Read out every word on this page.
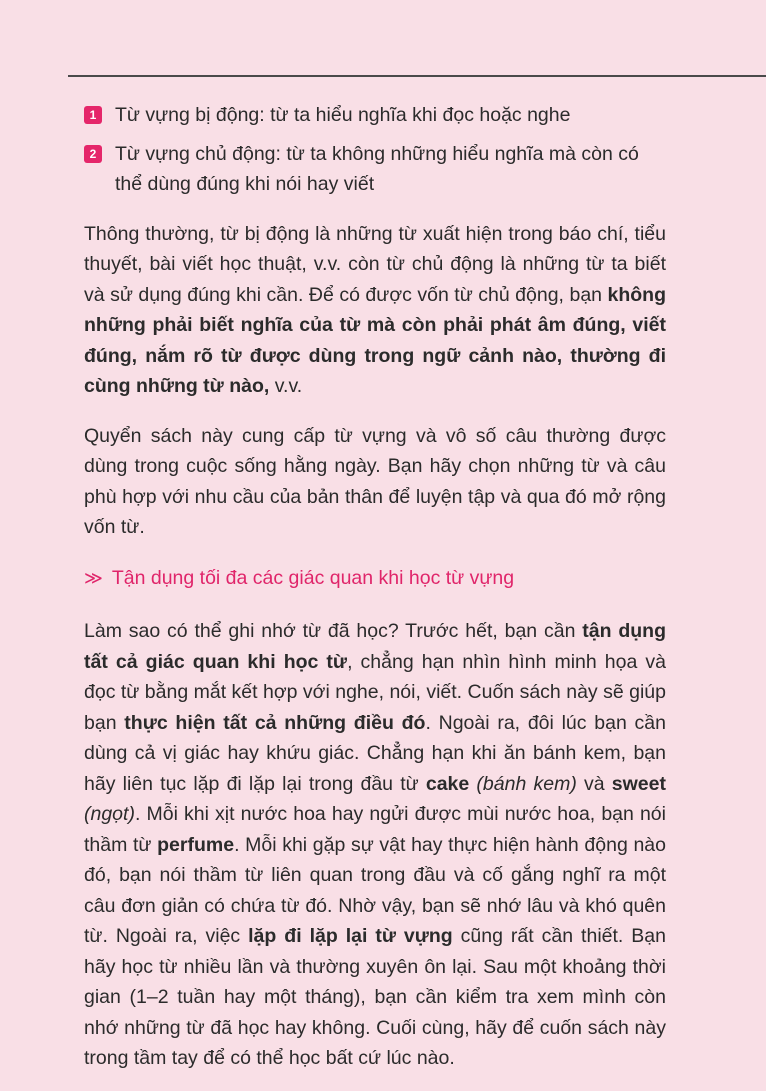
1 Từ vựng bị động: từ ta hiểu nghĩa khi đọc hoặc nghe
2 Từ vựng chủ động: từ ta không những hiểu nghĩa mà còn có thể dùng đúng khi nói hay viết

Thông thường, từ bị động là những từ xuất hiện trong báo chí, tiểu thuyết, bài viết học thuật, v.v. còn từ chủ động là những từ ta biết và sử dụng đúng khi cần. Để có được vốn từ chủ động, bạn không những phải biết nghĩa của từ mà còn phải phát âm đúng, viết đúng, nắm rõ từ được dùng trong ngữ cảnh nào, thường đi cùng những từ nào, v.v.

Quyển sách này cung cấp từ vựng và vô số câu thường được dùng trong cuộc sống hằng ngày. Bạn hãy chọn những từ và câu phù hợp với nhu cầu của bản thân để luyện tập và qua đó mở rộng vốn từ.

≫ Tận dụng tối đa các giác quan khi học từ vựng

Làm sao có thể ghi nhớ từ đã học? Trước hết, bạn cần tận dụng tất cả giác quan khi học từ, chẳng hạn nhìn hình minh họa và đọc từ bằng mắt kết hợp với nghe, nói, viết. Cuốn sách này sẽ giúp bạn thực hiện tất cả những điều đó. Ngoài ra, đôi lúc bạn cần dùng cả vị giác hay khứu giác. Chẳng hạn khi ăn bánh kem, bạn hãy liên tục lặp đi lặp lại trong đầu từ cake (bánh kem) và sweet (ngọt). Mỗi khi xịt nước hoa hay ngửi được mùi nước hoa, bạn nói thầm từ perfume. Mỗi khi gặp sự vật hay thực hiện hành động nào đó, bạn nói thầm từ liên quan trong đầu và cố gắng nghĩ ra một câu đơn giản có chứa từ đó. Nhờ vậy, bạn sẽ nhớ lâu và khó quên từ. Ngoài ra, việc lặp đi lặp lại từ vựng cũng rất cần thiết. Bạn hãy học từ nhiều lần và thường xuyên ôn lại. Sau một khoảng thời gian (1–2 tuần hay một tháng), bạn cần kiểm tra xem mình còn nhớ những từ đã học hay không. Cuối cùng, hãy để cuốn sách này trong tầm tay để có thể học bất cứ lúc nào.
